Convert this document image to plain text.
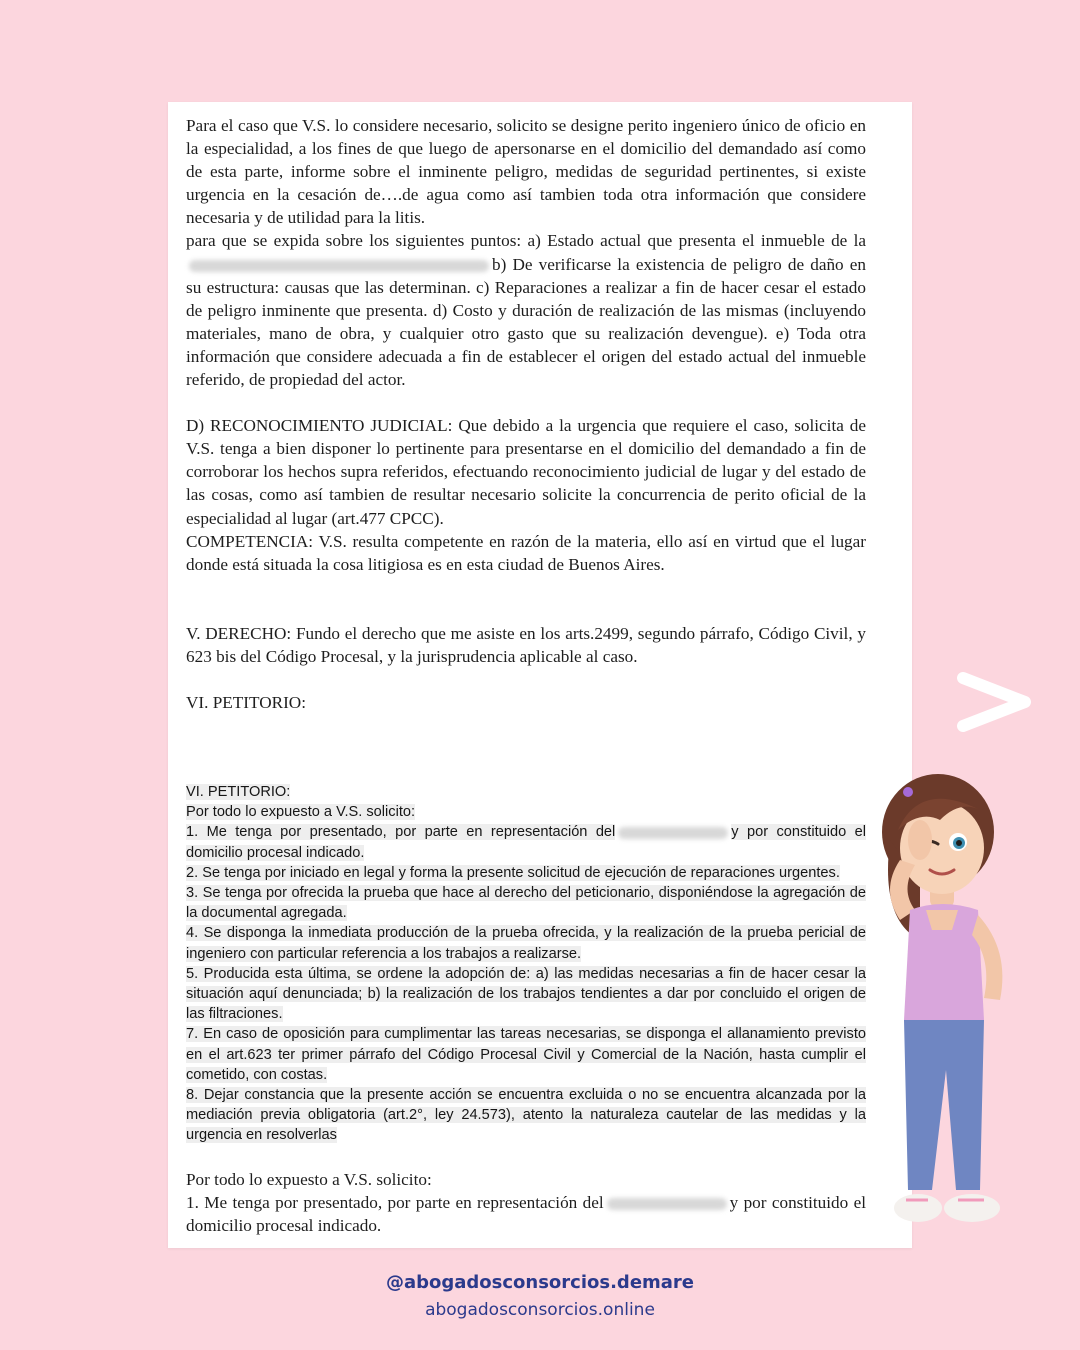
Para el caso que V.S. lo considere necesario, solicito se designe perito ingeniero único de oficio en la especialidad, a los fines de que luego de apersonarse en el domicilio del demandado así como de esta parte, informe sobre el inminente peligro, medidas de seguridad pertinentes, si existe urgencia en la cesación de….de agua como así tambien toda otra información que considere necesaria y de utilidad para la litis.

para que se expida sobre los siguientes puntos: a) Estado actual que presenta el inmueble de lab) De verificarse la existencia de peligro de daño en su estructura: causas que las determinan. c) Reparaciones a realizar a fin de hacer cesar el estado de peligro inminente que presenta. d) Costo y duración de realización de las mismas (incluyendo materiales, mano de obra, y cualquier otro gasto que su realización devengue). e) Toda otra información que considere adecuada a fin de establecer el origen del estado actual del inmueble referido, de propiedad del actor.

D) RECONOCIMIENTO JUDICIAL: Que debido a la urgencia que requiere el caso, solicita de V.S. tenga a bien disponer lo pertinente para presentarse en el domicilio del demandado a fin de corroborar los hechos supra referidos, efectuando reconocimiento judicial de lugar y del estado de las cosas, como así tambien de resultar necesario solicite la concurrencia de perito oficial de la especialidad al lugar (art.477 CPCC).

COMPETENCIA: V.S. resulta competente en razón de la materia, ello así en virtud que el lugar donde está situada la cosa litigiosa es en esta ciudad de Buenos Aires.

V. DERECHO: Fundo el derecho que me asiste en los arts.2499, segundo párrafo, Código Civil, y 623 bis del Código Procesal, y la jurisprudencia aplicable al caso.

VI. PETITORIO:

VI. PETITORIO:

Por todo lo expuesto a V.S. solicito:

1. Me tenga por presentado, por parte en representación del	y por constituido el domicilio procesal indicado.

2. Se tenga por iniciado en legal y forma la presente solicitud de ejecución de reparaciones urgentes.

3. Se tenga por ofrecida la prueba que hace al derecho del peticionario, disponiéndose la agregación de la documental agregada.

4. Se disponga la inmediata producción de la prueba ofrecida, y la realización de la prueba pericial de ingeniero con particular referencia a los trabajos a realizarse.

5. Producida esta última, se ordene la adopción de: a) las medidas necesarias a fin de hacer cesar la situación aquí denunciada; b) la realización de los trabajos tendientes a dar por concluido el origen de las filtraciones.

7. En caso de oposición para cumplimentar las tareas necesarias, se disponga el allanamiento previsto en el art.623 ter primer párrafo del Código Procesal Civil y Comercial de la Nación, hasta cumplir el cometido, con costas.

8. Dejar constancia que la presente acción se encuentra excluida o no se encuentra alcanzada por la mediación previa obligatoria (art.2°, ley 24.573), atento la naturaleza cautelar de las medidas y la urgencia en resolverlas

Por todo lo expuesto a V.S. solicito:

1. Me tenga por presentado, por parte en representación del	y por constituido el domicilio procesal indicado.

@abogadosconsorcios.demare
abogadosconsorcios.online
